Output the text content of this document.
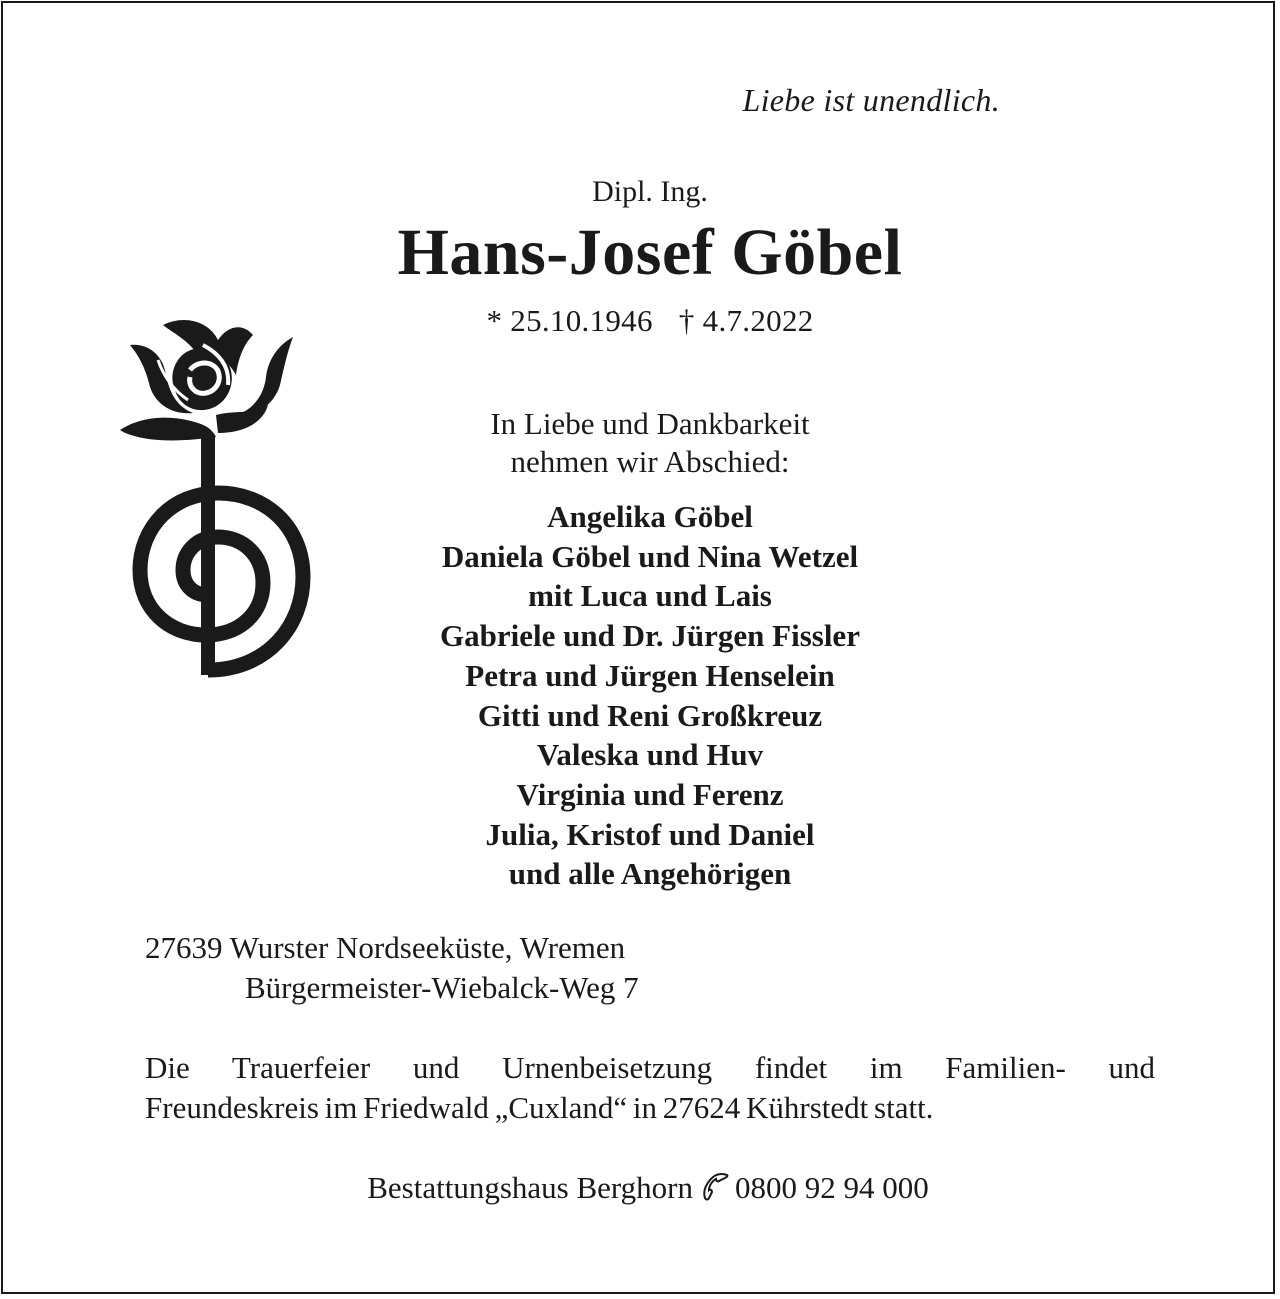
Liebe ist unendlich.
Dipl. Ing.
Hans-Josef Göbel
* 25.10.1946 † 4.7.2022
In Liebe und Dankbarkeit
nehmen wir Abschied:
Angelika Göbel
Daniela Göbel und Nina Wetzel
mit Luca und Lais
Gabriele und Dr. Jürgen Fissler
Petra und Jürgen Henselein
Gitti und Reni Großkreuz
Valeska und Huv
Virginia und Ferenz
Julia, Kristof und Daniel
und alle Angehörigen
27639 Wurster Nordseeküste, Wremen
Bürgermeister-Wiebalck-Weg 7
Die Trauerfeier und Urnenbeisetzung findet im Familien- und
Freundeskreis im Friedwald „Cuxland“ in 27624 Kührstedt statt.
Bestattungshaus Berghorn 0800 92 94 000
